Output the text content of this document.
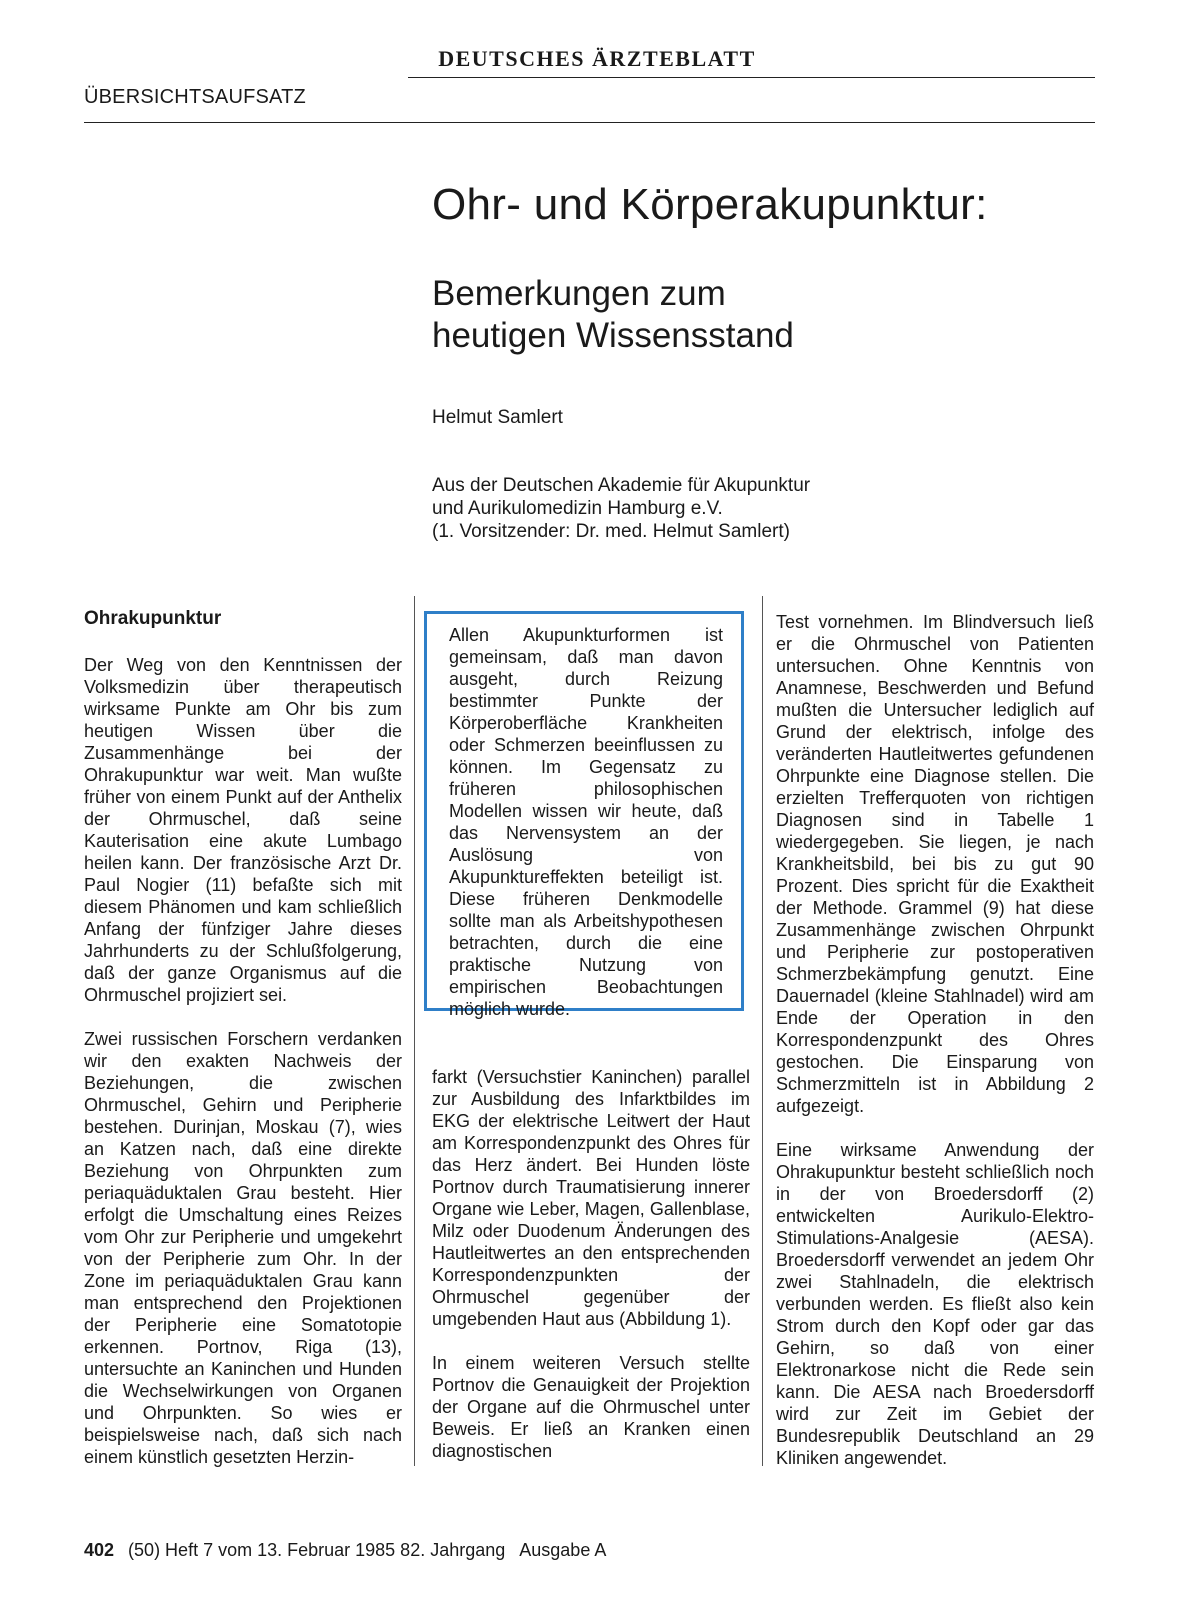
DEUTSCHES ÄRZTEBLATT
ÜBERSICHTSAUFSATZ
Ohr- und Körperakupunktur:
Bemerkungen zum
heutigen Wissensstand
Helmut Samlert
Aus der Deutschen Akademie für Akupunktur
und Aurikulomedizin Hamburg e.V.
(1. Vorsitzender: Dr. med. Helmut Samlert)
Ohrakupunktur

Der Weg von den Kenntnissen der Volksmedizin über therapeutisch wirksame Punkte am Ohr bis zum heutigen Wissen über die Zusammenhänge bei der Ohrakupunktur war weit. Man wußte früher von einem Punkt auf der Anthelix der Ohrmuschel, daß seine Kauterisation eine akute Lumbago heilen kann. Der französische Arzt Dr. Paul Nogier (11) befaßte sich mit diesem Phänomen und kam schließlich Anfang der fünfziger Jahre dieses Jahrhunderts zu der Schlußfolgerung, daß der ganze Organismus auf die Ohrmuschel projiziert sei.

Zwei russischen Forschern verdanken wir den exakten Nachweis der Beziehungen, die zwischen Ohrmuschel, Gehirn und Peripherie bestehen. Durinjan, Moskau (7), wies an Katzen nach, daß eine direkte Beziehung von Ohrpunkten zum periaquäduktalen Grau besteht. Hier erfolgt die Umschaltung eines Reizes vom Ohr zur Peripherie und umgekehrt von der Peripherie zum Ohr. In der Zone im periaquäduktalen Grau kann man entsprechend den Projektionen der Peripherie eine Somatotopie erkennen. Portnov, Riga (13), untersuchte an Kaninchen und Hunden die Wechselwirkungen von Organen und Ohrpunkten. So wies er beispielsweise nach, daß sich nach einem künstlich gesetzten Herzin-

Allen Akupunkturformen ist gemeinsam, daß man davon ausgeht, durch Reizung bestimmter Punkte der Körperoberfläche Krankheiten oder Schmerzen beeinflussen zu können. Im Gegensatz zu früheren philosophischen Modellen wissen wir heute, daß das Nervensystem an der Auslösung von Akupunktureffekten beteiligt ist. Diese früheren Denkmodelle sollte man als Arbeitshypothesen betrachten, durch die eine praktische Nutzung von empirischen Beobachtungen möglich wurde.

farkt (Versuchstier Kaninchen) parallel zur Ausbildung des Infarktbildes im EKG der elektrische Leitwert der Haut am Korrespondenzpunkt des Ohres für das Herz ändert. Bei Hunden löste Portnov durch Traumatisierung innerer Organe wie Leber, Magen, Gallenblase, Milz oder Duodenum Änderungen des Hautleitwertes an den entsprechenden Korrespondenzpunkten der Ohrmuschel gegenüber der umgebenden Haut aus (Abbildung 1).

In einem weiteren Versuch stellte Portnov die Genauigkeit der Projektion der Organe auf die Ohrmuschel unter Beweis. Er ließ an Kranken einen diagnostischen

Test vornehmen. Im Blindversuch ließ er die Ohrmuschel von Patienten untersuchen. Ohne Kenntnis von Anamnese, Beschwerden und Befund mußten die Untersucher lediglich auf Grund der elektrisch, infolge des veränderten Hautleitwertes gefundenen Ohrpunkte eine Diagnose stellen. Die erzielten Trefferquoten von richtigen Diagnosen sind in Tabelle 1 wiedergegeben. Sie liegen, je nach Krankheitsbild, bei bis zu gut 90 Prozent. Dies spricht für die Exaktheit der Methode. Grammel (9) hat diese Zusammenhänge zwischen Ohrpunkt und Peripherie zur postoperativen Schmerzbekämpfung genutzt. Eine Dauernadel (kleine Stahlnadel) wird am Ende der Operation in den Korrespondenzpunkt des Ohres gestochen. Die Einsparung von Schmerzmitteln ist in Abbildung 2 aufgezeigt.

Eine wirksame Anwendung der Ohrakupunktur besteht schließlich noch in der von Broedersdorff (2) entwickelten Aurikulo-Elektro-Stimulations-Analgesie (AESA). Broedersdorff verwendet an jedem Ohr zwei Stahlnadeln, die elektrisch verbunden werden. Es fließt also kein Strom durch den Kopf oder gar das Gehirn, so daß von einer Elektronarkose nicht die Rede sein kann. Die AESA nach Broedersdorff wird zur Zeit im Gebiet der Bundesrepublik Deutschland an 29 Kliniken angewendet.

402 (50) Heft 7 vom 13. Februar 1985 82. Jahrgang Ausgabe A
